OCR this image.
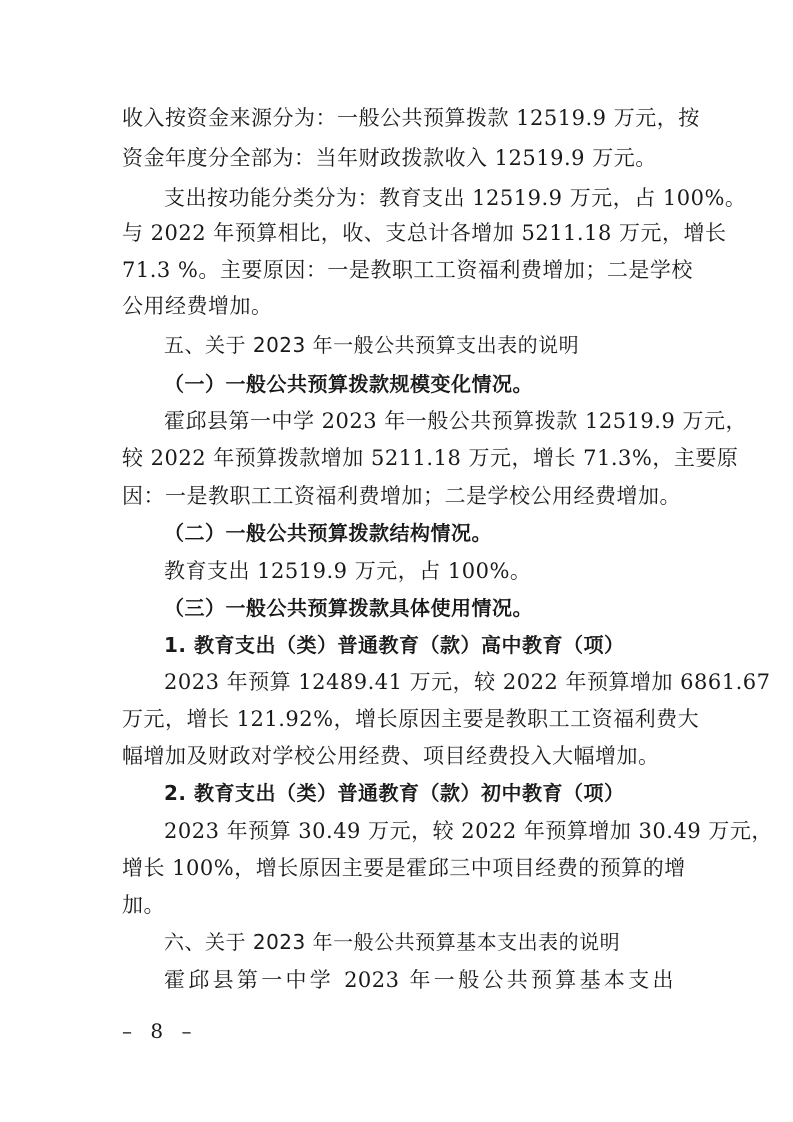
收入按资金来源分为：一般公共预算拨款 12519.9 万元，按
资金年度分全部为：当年财政拨款收入 12519.9 万元。
支出按功能分类分为：教育支出 12519.9 万元，占 100%。
与 2022 年预算相比，收、支总计各增加 5211.18 万元，增长
71.3 %。主要原因：一是教职工工资福利费增加；二是学校
公用经费增加。
五、关于 2023 年一般公共预算支出表的说明
（一）一般公共预算拨款规模变化情况。
霍邱县第一中学 2023 年一般公共预算拨款 12519.9 万元，
较 2022 年预算拨款增加 5211.18 万元，增长 71.3%，主要原
因：一是教职工工资福利费增加；二是学校公用经费增加。
（二）一般公共预算拨款结构情况。
教育支出 12519.9 万元，占 100%。
（三）一般公共预算拨款具体使用情况。
1. 教育支出（类）普通教育（款）高中教育（项）
2023 年预算 12489.41 万元，较 2022 年预算增加 6861.67
万元，增长 121.92%，增长原因主要是教职工工资福利费大
幅增加及财政对学校公用经费、项目经费投入大幅增加。
2. 教育支出（类）普通教育（款）初中教育（项）
2023 年预算 30.49 万元，较 2022 年预算增加 30.49 万元，
增长 100%，增长原因主要是霍邱三中项目经费的预算的增
加。
六、关于 2023 年一般公共预算基本支出表的说明
霍邱县第一中学 2023 年一般公共预算基本支出
– 8 –
